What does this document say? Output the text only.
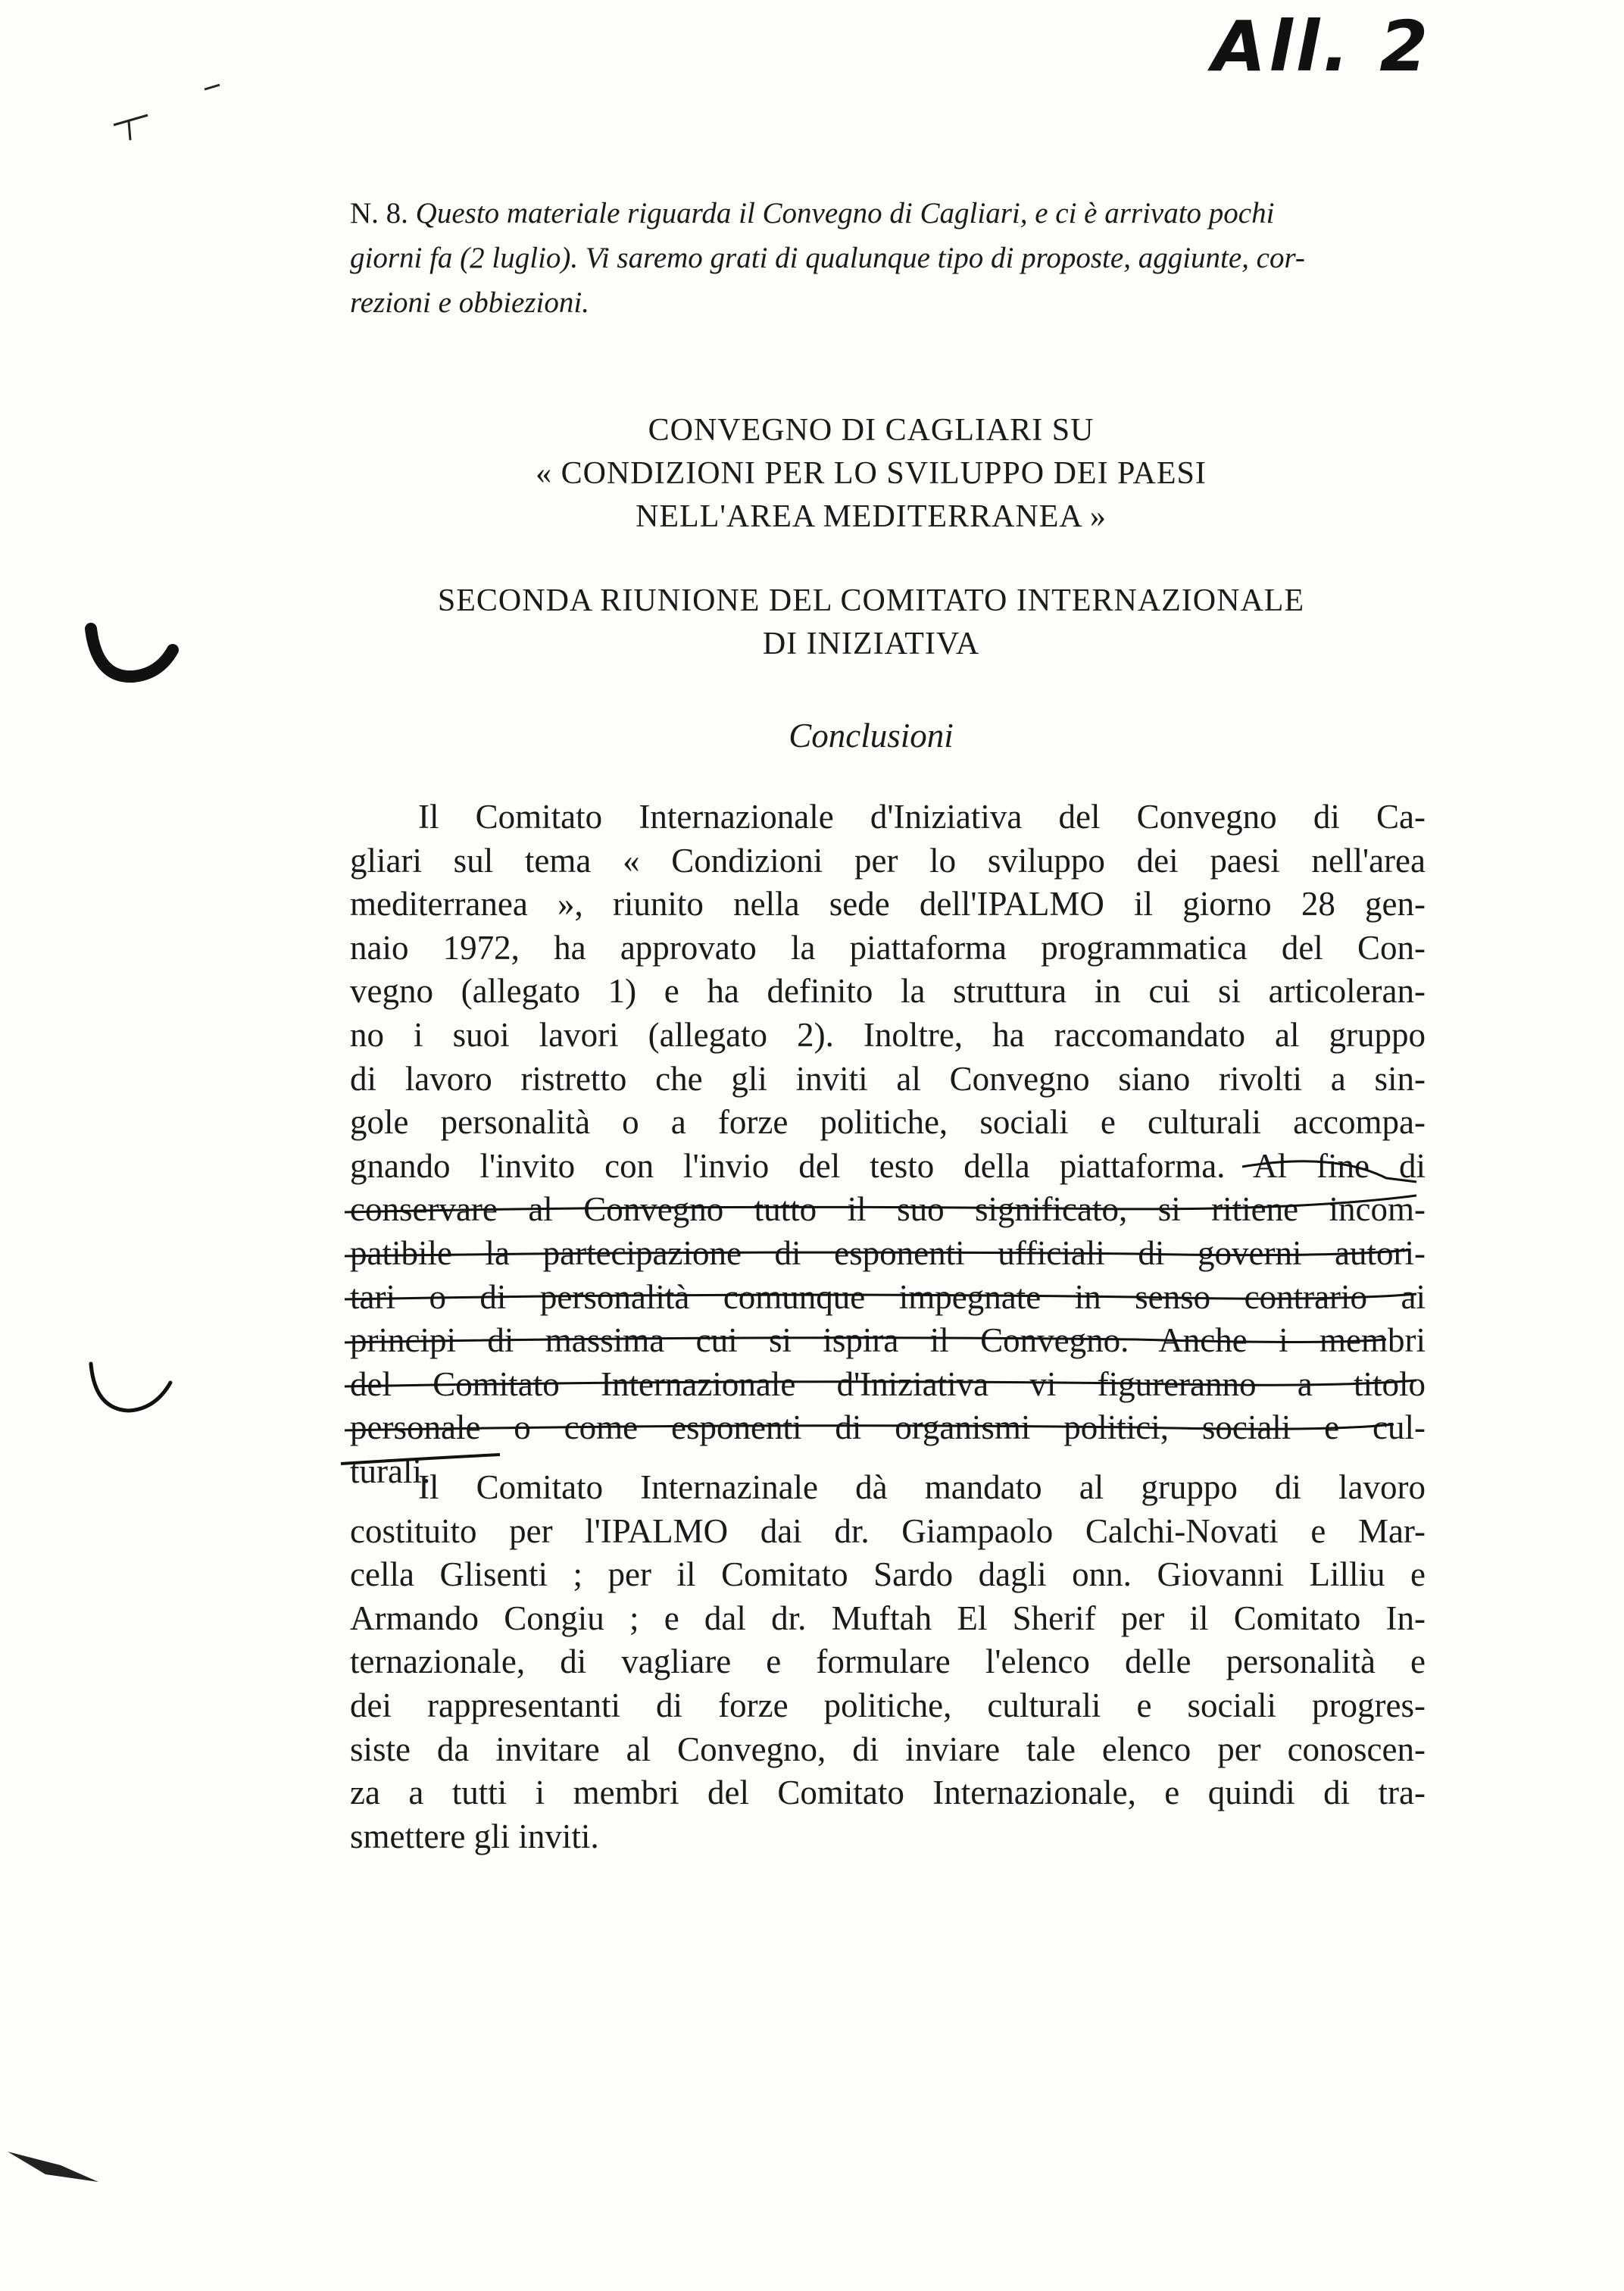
All. 2
N. 8. Questo materiale riguarda il Convegno di Cagliari, e ci è arrivato pochi
giorni fa (2 luglio). Vi saremo grati di qualunque tipo di proposte, aggiunte, cor-
rezioni e obbiezioni.
CONVEGNO DI CAGLIARI SU
« CONDIZIONI PER LO SVILUPPO DEI PAESI
NELL'AREA MEDITERRANEA »
SECONDA RIUNIONE DEL COMITATO INTERNAZIONALE
DI INIZIATIVA
Conclusioni
Il Comitato Internazionale d'Iniziativa del Convegno di Ca-
gliari sul tema « Condizioni per lo sviluppo dei paesi nell'area
mediterranea », riunito nella sede dell'IPALMO il giorno 28 gen-
naio 1972, ha approvato la piattaforma programmatica del Con-
vegno (allegato 1) e ha definito la struttura in cui si articoleran-
no i suoi lavori (allegato 2). Inoltre, ha raccomandato al gruppo
di lavoro ristretto che gli inviti al Convegno siano rivolti a sin-
gole personalità o a forze politiche, sociali e culturali accompa-
gnando l'invito con l'invio del testo della piattaforma. Al fine di
conservare al Convegno tutto il suo significato, si ritiene incom-
patibile la partecipazione di esponenti ufficiali di governi autori-
tari o di personalità comunque impegnate in senso contrario ai
principi di massima cui si ispira il Convegno. Anche i membri
del Comitato Internazionale d'Iniziativa vi figureranno a titolo
personale o come esponenti di organismi politici, sociali e cul-
turali.
Il Comitato Internazinale dà mandato al gruppo di lavoro
costituito per l'IPALMO dai dr. Giampaolo Calchi-Novati e Mar-
cella Glisenti ; per il Comitato Sardo dagli onn. Giovanni Lilliu e
Armando Congiu ; e dal dr. Muftah El Sherif per il Comitato In-
ternazionale, di vagliare e formulare l'elenco delle personalità e
dei rappresentanti di forze politiche, culturali e sociali progres-
siste da invitare al Convegno, di inviare tale elenco per conoscen-
za a tutti i membri del Comitato Internazionale, e quindi di tra-
smettere gli inviti.
